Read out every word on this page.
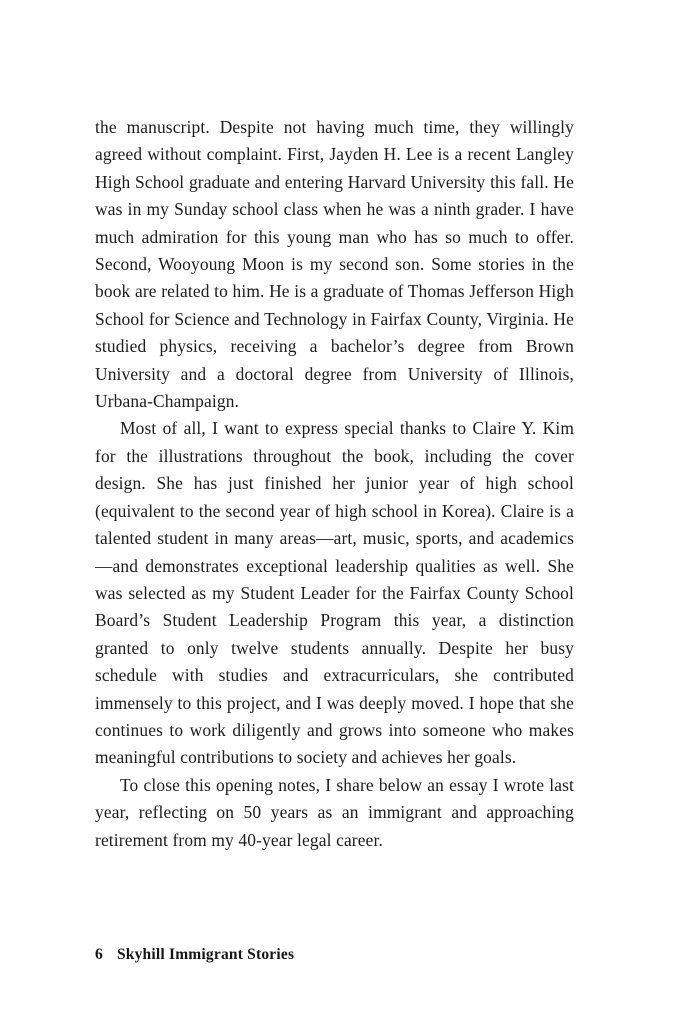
the manuscript. Despite not having much time, they willingly agreed without complaint. First, Jayden H. Lee is a recent Langley High School graduate and entering Harvard University this fall. He was in my Sunday school class when he was a ninth grader. I have much admiration for this young man who has so much to offer. Second, Wooyoung Moon is my second son. Some stories in the book are related to him. He is a graduate of Thomas Jefferson High School for Science and Technology in Fairfax County, Virginia. He studied physics, receiving a bachelor’s degree from Brown University and a doctoral degree from University of Illinois, Urbana-Champaign.

Most of all, I want to express special thanks to Claire Y. Kim for the illustrations throughout the book, including the cover design. She has just finished her junior year of high school (equivalent to the second year of high school in Korea). Claire is a talented student in many areas—art, music, sports, and academics—and demonstrates exceptional leadership qualities as well. She was selected as my Student Leader for the Fairfax County School Board’s Student Leadership Program this year, a distinction granted to only twelve students annually. Despite her busy schedule with studies and extracurriculars, she contributed immensely to this project, and I was deeply moved. I hope that she continues to work diligently and grows into someone who makes meaningful contributions to society and achieves her goals.

To close this opening notes, I share below an essay I wrote last year, reflecting on 50 years as an immigrant and approaching retirement from my 40-year legal career.

6 Skyhill Immigrant Stories
